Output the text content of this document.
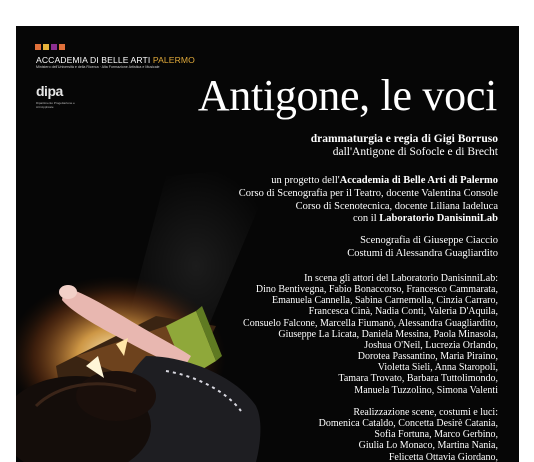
ACCADEMIA DI BELLE ARTI PALERMO
Ministero dell'Università e della Ricerca · Alta Formazione Artistica e Musicale
dipa
Dipartimento Progettazione e Arti Applicate	Antigone, le voci
drammaturgia e regia di Gigi Borruso
dall'Antigone di Sofocle e di Brecht
un progetto dell'Accademia di Belle Arti di Palermo
Corso di Scenografia per il Teatro, docente Valentina Console
Corso di Scenotecnica, docente Liliana Iadeluca
con il Laboratorio DanisinniLab
Scenografia di Giuseppe Ciaccio
Costumi di Alessandra Guagliardito
In scena gli attori del Laboratorio DanisinniLab:
Dino Bentivegna, Fabio Bonaccorso, Francesco Cammarata,
Emanuela Cannella, Sabina Carnemolla, Cinzia Carraro,
Francesca Cinà, Nadia Conti, Valeria D'Aquila,
Consuelo Falcone, Marcella Fiumanò, Alessandra Guagliardito,
Giuseppe La Licata, Daniela Messina, Paola Minasola,
Joshua O'Neil, Lucrezia Orlando,
Dorotea Passantino, Maria Piraino,
Violetta Sieli, Anna Staropoli,
Tamara Trovato, Barbara Tuttolimondo,
Manuela Tuzzolino, Simona Valenti
Realizzazione scene, costumi e luci:
Domenica Cataldo, Concetta Desirè Catania,
Sofia Fortuna, Marco Gerbino,
Giulia Lo Monaco, Martina Nania,
Felicetta Ottavia Giordano,
